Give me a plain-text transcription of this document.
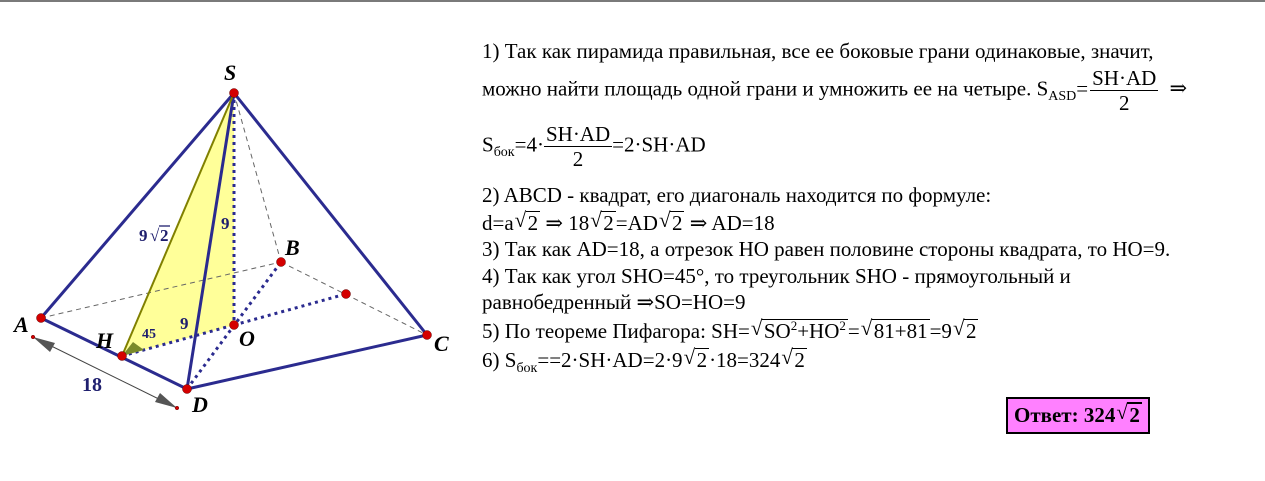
S
A
B
C
D
H	O
9 √ 2
9
9
45
18
1) Так как пирамида правильная, все ее боковые грани одинаковые, значит,
можно найти площадь одной грани и умножить ее на четыре. $S_{ASD}= \frac{SH\cdot AD}{2}$ ⇒
$S_{бок}=4\cdot \frac{SH\cdot AD}{2} =2\cdot SH\cdot AD$
2) ABCD - квадрат, его диагональ находится по формуле:
d=a √ 2 ⇒ 18 √ 2=AD √ 2 ⇒ AD=18
3) Так как AD=18, а отрезок HO равен половине стороны квадрата, то HO=9.
4) Так как угол SHO=45°, то треугольник SHO - прямоугольный и
равнобедренный ⇒SO=HO=9
5) По теореме Пифагора: SH= √ $SO^2+HO^2=$ √ 81+81=9 √ 2
6) $S_{бок}==2\cdot SH\cdot AD=2\cdot 9$ √ 2·18=324 √ 2
Ответ: 324 √ 2
